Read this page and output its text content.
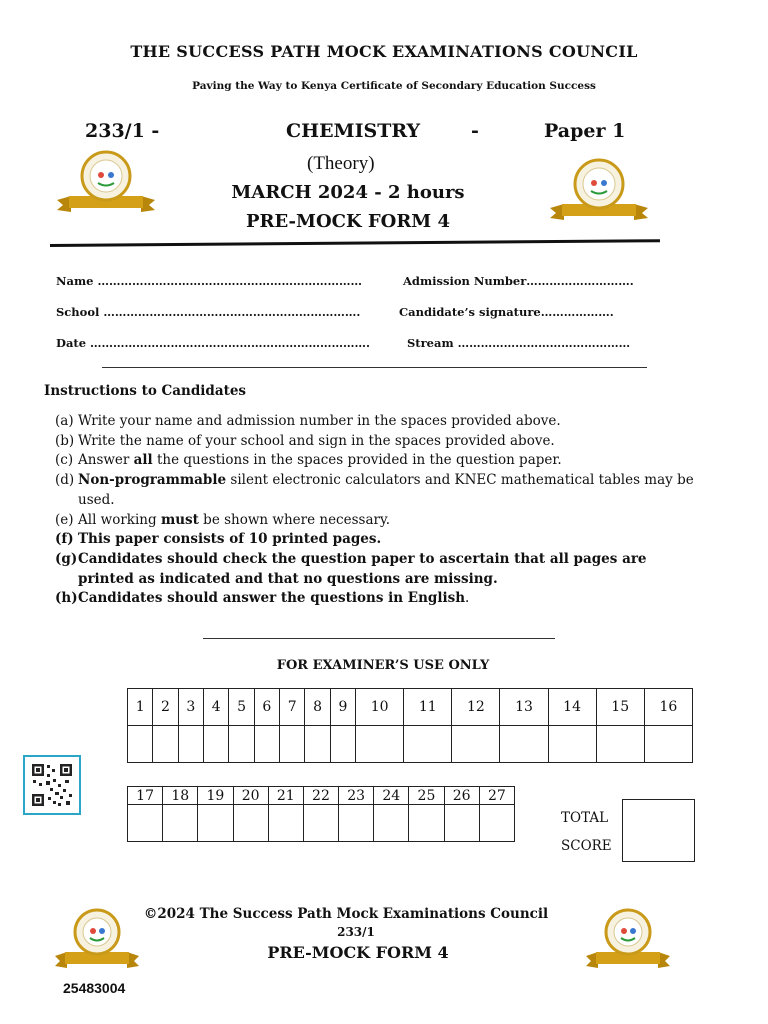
THE SUCCESS PATH MOCK EXAMINATIONS COUNCIL
Paving the Way to Kenya Certificate of Secondary Education Success
233/1 -	CHEMISTRY	-	Paper 1
(Theory)
MARCH 2024 - 2 hours
PRE-MOCK FORM 4
Name ……………………………………………………………	Admission Number……………………….
School ………………………………………………………….	Candidate’s signature……………….
Date ……………………………………………………………….	Stream ………………………………………
Instructions to Candidates
(a) Write your name and admission number in the spaces provided above.
(b) Write the name of your school and sign in the spaces provided above.
(c) Answer all the questions in the spaces provided in the question paper.
(d) Non-programmable silent electronic calculators and KNEC mathematical tables may be used.
(e) All working must be shown where necessary.
(f) This paper consists of 10 printed pages.
(g) Candidates should check the question paper to ascertain that all pages are printed as indicated and that no questions are missing.
(h) Candidates should answer the questions in English.
FOR EXAMINER’S USE ONLY
1	2	3	4	5	6	7	8	9	10	11	12	13	14	15	16

17	18	19	20	21	22	23	24	25	26	27

TOTAL
SCORE
©2024 The Success Path Mock Examinations Council
233/1
PRE-MOCK FORM 4
25483004
